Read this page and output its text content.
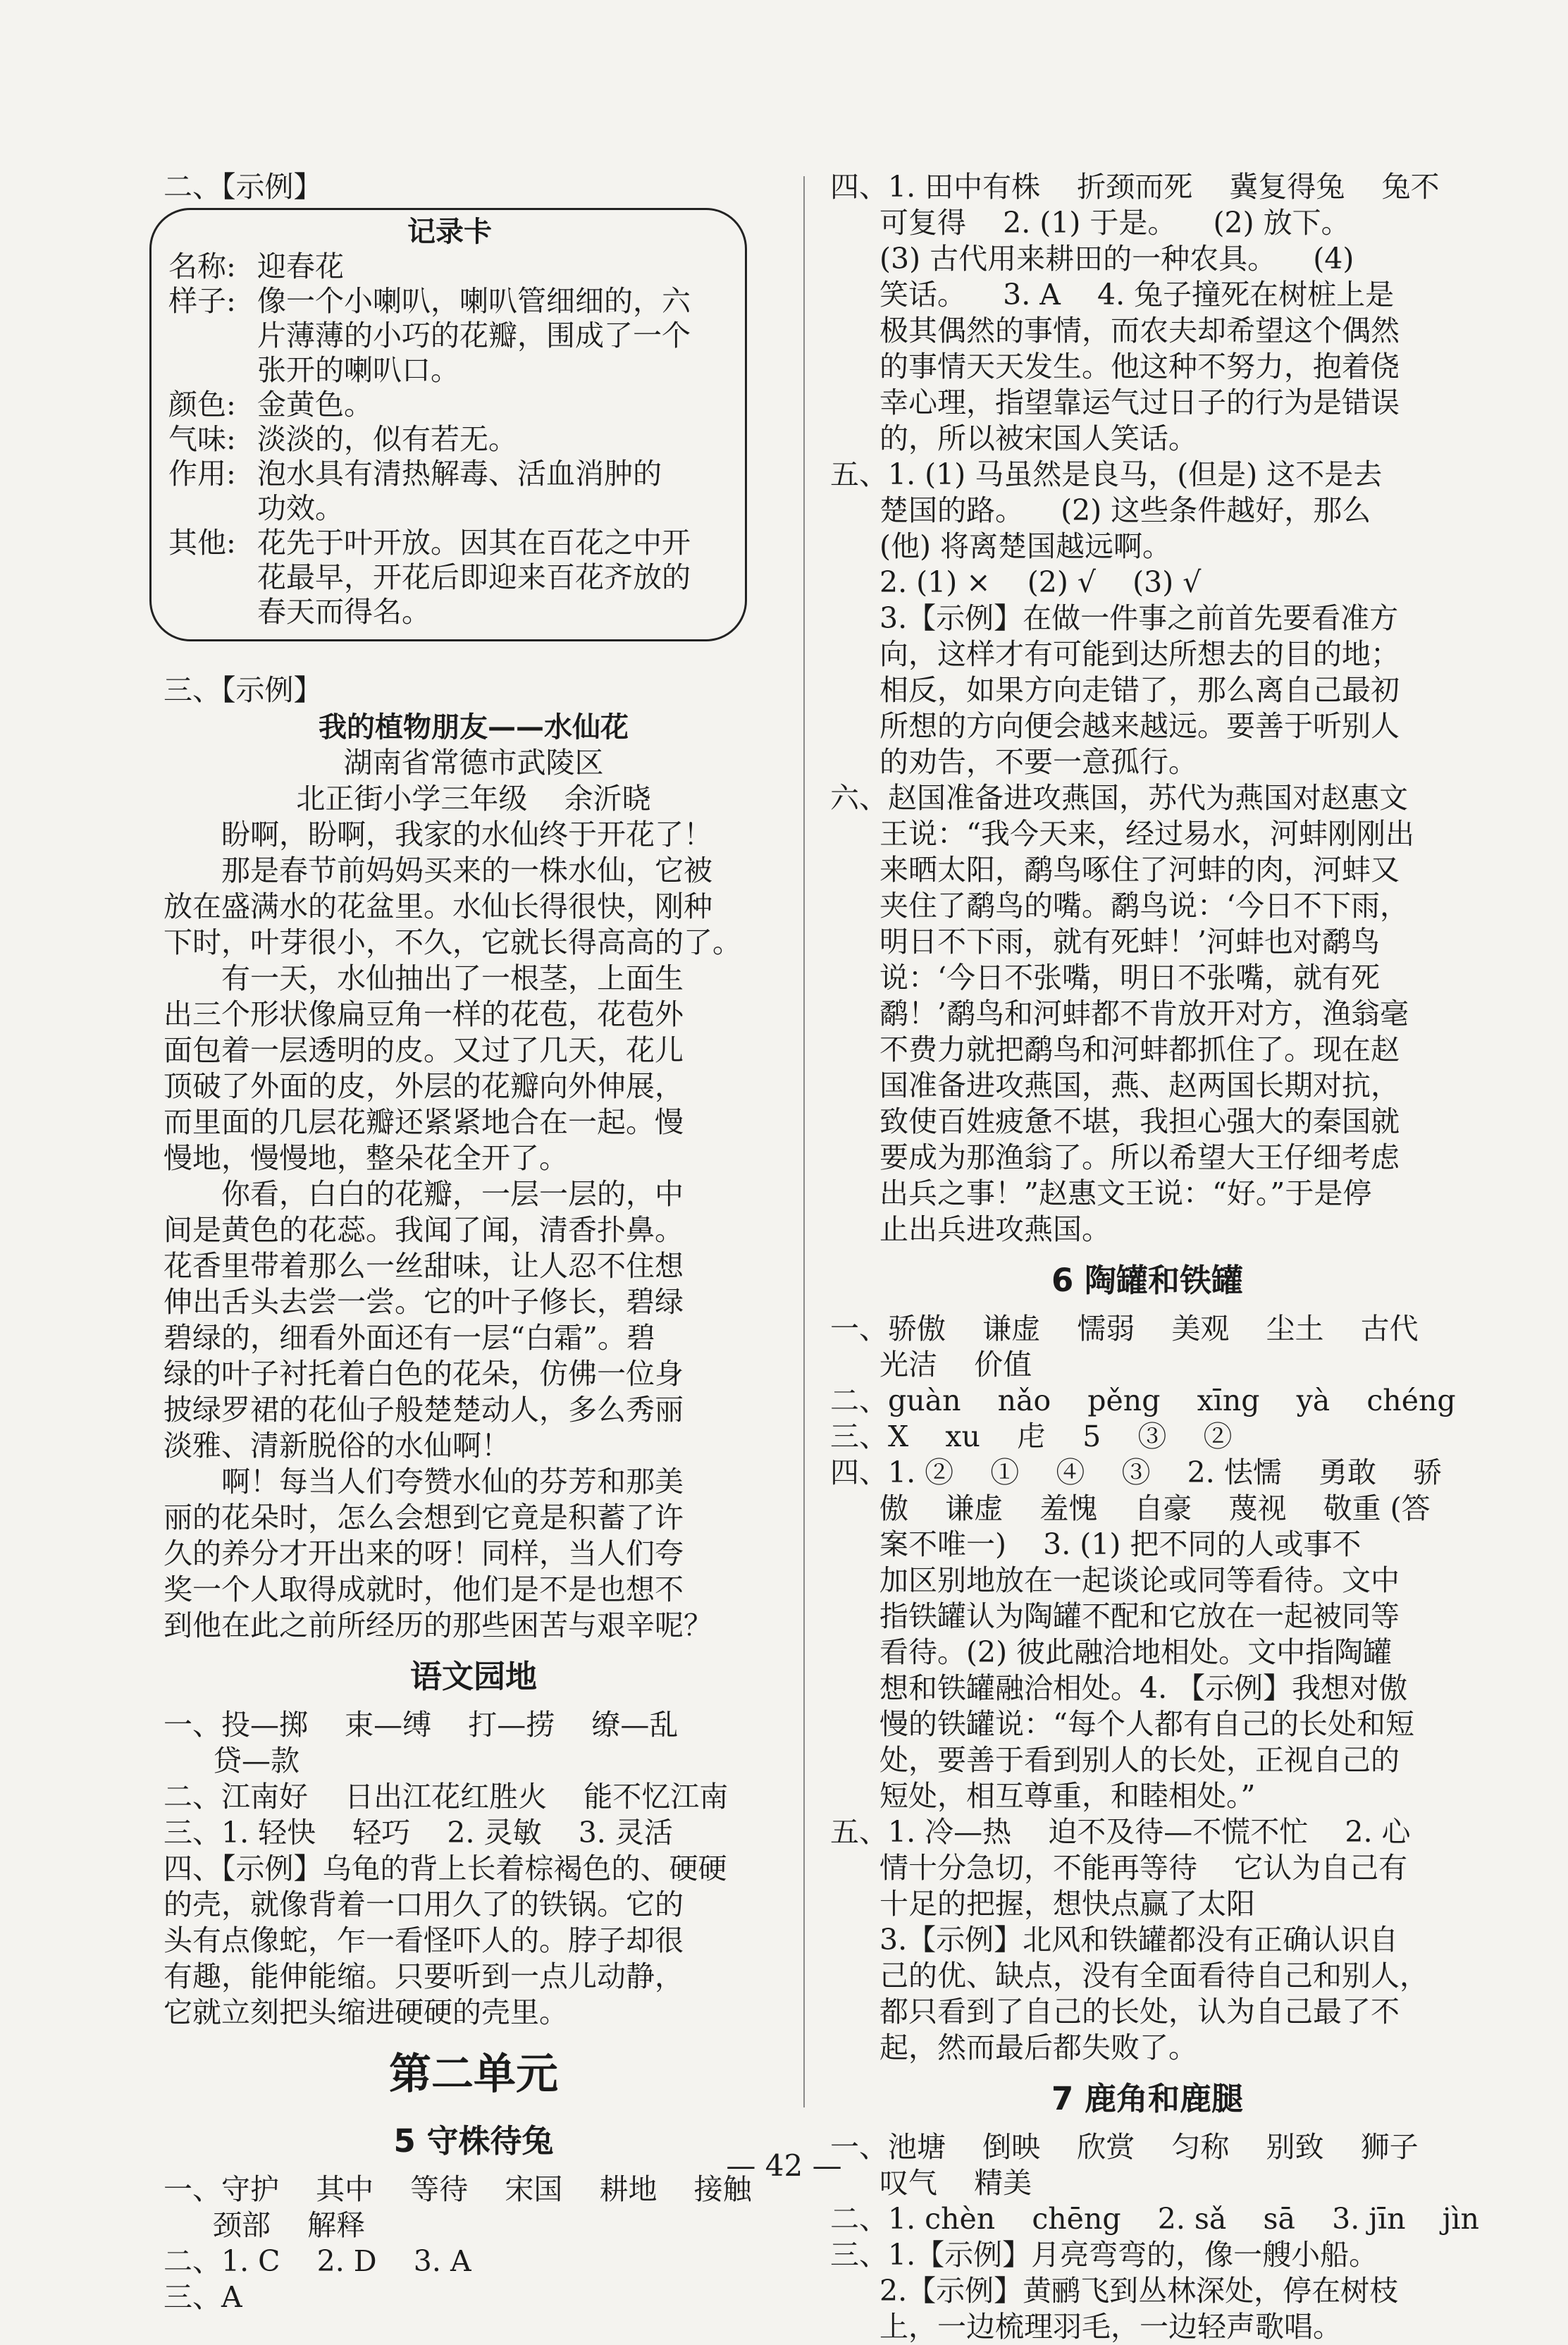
二、【示例】

记录卡
名称: 迎春花
样子: 像一个小喇叭，喇叭管细细的，六
片薄薄的小巧的花瓣，围成了一个
张开的喇叭口。
颜色: 金黄色。
气味: 淡淡的，似有若无。
作用: 泡水具有清热解毒、活血消肿的
功效。
其他: 花先于叶开放。因其在百花之中开
花最早，开花后即迎来百花齐放的
春天而得名。

三、【示例】

我的植物朋友——水仙花

湖南省常德市武陵区

北正街小学三年级    余沂晓

盼啊，盼啊，我家的水仙终于开花了！

那是春节前妈妈买来的一株水仙，它被

放在盛满水的花盆里。水仙长得很快，刚种

下时，叶芽很小，不久，它就长得高高的了。

有一天，水仙抽出了一根茎，上面生

出三个形状像扁豆角一样的花苞，花苞外

面包着一层透明的皮。又过了几天，花儿

顶破了外面的皮，外层的花瓣向外伸展，

而里面的几层花瓣还紧紧地合在一起。慢

慢地，慢慢地，整朵花全开了。

你看，白白的花瓣，一层一层的，中

间是黄色的花蕊。我闻了闻，清香扑鼻。

花香里带着那么一丝甜味，让人忍不住想

伸出舌头去尝一尝。它的叶子修长，碧绿

碧绿的，细看外面还有一层“白霜”。碧

绿的叶子衬托着白色的花朵，仿佛一位身

披绿罗裙的花仙子般楚楚动人，多么秀丽

淡雅、清新脱俗的水仙啊！

啊！每当人们夸赞水仙的芬芳和那美

丽的花朵时，怎么会想到它竟是积蓄了许

久的养分才开出来的呀！同样，当人们夸

奖一个人取得成就时，他们是不是也想不

到他在此之前所经历的那些困苦与艰辛呢？

语文园地

一、投—掷    束—缚    打—捞    缭—乱

贷—款

二、江南好    日出江花红胜火    能不忆江南

三、1. 轻快    轻巧    2. 灵敏    3. 灵活

四、【示例】乌龟的背上长着棕褐色的、硬硬

的壳，就像背着一口用久了的铁锅。它的

头有点像蛇，乍一看怪吓人的。脖子却很

有趣，能伸能缩。只要听到一点儿动静，

它就立刻把头缩进硬硬的壳里。

第二单元
5 守株待兔

一、守护    其中    等待    宋国    耕地    接触

颈部    解释

二、1. C    2. D    3. A

三、A

四、1. 田中有株    折颈而死    冀复得兔    兔不

可复得    2. (1) 于是。    (2) 放下。

(3) 古代用来耕田的一种农具。    (4)

笑话。    3. A    4. 兔子撞死在树桩上是

极其偶然的事情，而农夫却希望这个偶然

的事情天天发生。他这种不努力，抱着侥

幸心理，指望靠运气过日子的行为是错误

的，所以被宋国人笑话。

五、1. (1) 马虽然是良马，(但是) 这不是去

楚国的路。    (2) 这些条件越好，那么

(他) 将离楚国越远啊。

2. (1) ×    (2) √    (3) √

3.【示例】在做一件事之前首先要看准方

向，这样才有可能到达所想去的目的地；

相反，如果方向走错了，那么离自己最初

所想的方向便会越来越远。要善于听别人

的劝告，不要一意孤行。

六、赵国准备进攻燕国，苏代为燕国对赵惠文

王说：“我今天来，经过易水，河蚌刚刚出

来晒太阳，鹬鸟啄住了河蚌的肉，河蚌又

夹住了鹬鸟的嘴。鹬鸟说：‘今日不下雨，

明日不下雨，就有死蚌！’河蚌也对鹬鸟

说：‘今日不张嘴，明日不张嘴，就有死

鹬！’鹬鸟和河蚌都不肯放开对方，渔翁毫

不费力就把鹬鸟和河蚌都抓住了。现在赵

国准备进攻燕国，燕、赵两国长期对抗，

致使百姓疲惫不堪，我担心强大的秦国就

要成为那渔翁了。所以希望大王仔细考虑

出兵之事！”赵惠文王说：“好。”于是停

止出兵进攻燕国。

6 陶罐和铁罐

一、骄傲    谦虚    懦弱    美观    尘土    古代

光洁    价值

二、guàn    nǎo    pěng    xīng    yà    chéng

三、X    xu    虍    5    ③    ②

四、1. ②    ①    ④    ③    2. 怯懦    勇敢    骄

傲    谦虚    羞愧    自豪    蔑视    敬重 (答

案不唯一)    3. (1) 把不同的人或事不

加区别地放在一起谈论或同等看待。文中

指铁罐认为陶罐不配和它放在一起被同等

看待。(2) 彼此融洽地相处。文中指陶罐

想和铁罐融洽相处。4. 【示例】我想对傲

慢的铁罐说：“每个人都有自己的长处和短

处，要善于看到别人的长处，正视自己的

短处，相互尊重，和睦相处。”

五、1. 冷—热    迫不及待—不慌不忙    2. 心

情十分急切，不能再等待    它认为自己有

十足的把握，想快点赢了太阳

3.【示例】北风和铁罐都没有正确认识自

己的优、缺点，没有全面看待自己和别人，

都只看到了自己的长处，认为自己最了不

起，然而最后都失败了。

7 鹿角和鹿腿

一、池塘    倒映    欣赏    匀称    别致    狮子

叹气    精美

二、1. chèn    chēng    2. sǎ    sā    3. jīn    jìn

三、1.【示例】月亮弯弯的，像一艘小船。

2.【示例】黄鹂飞到丛林深处，停在树枝

上，一边梳理羽毛，一边轻声歌唱。

— 42 —
